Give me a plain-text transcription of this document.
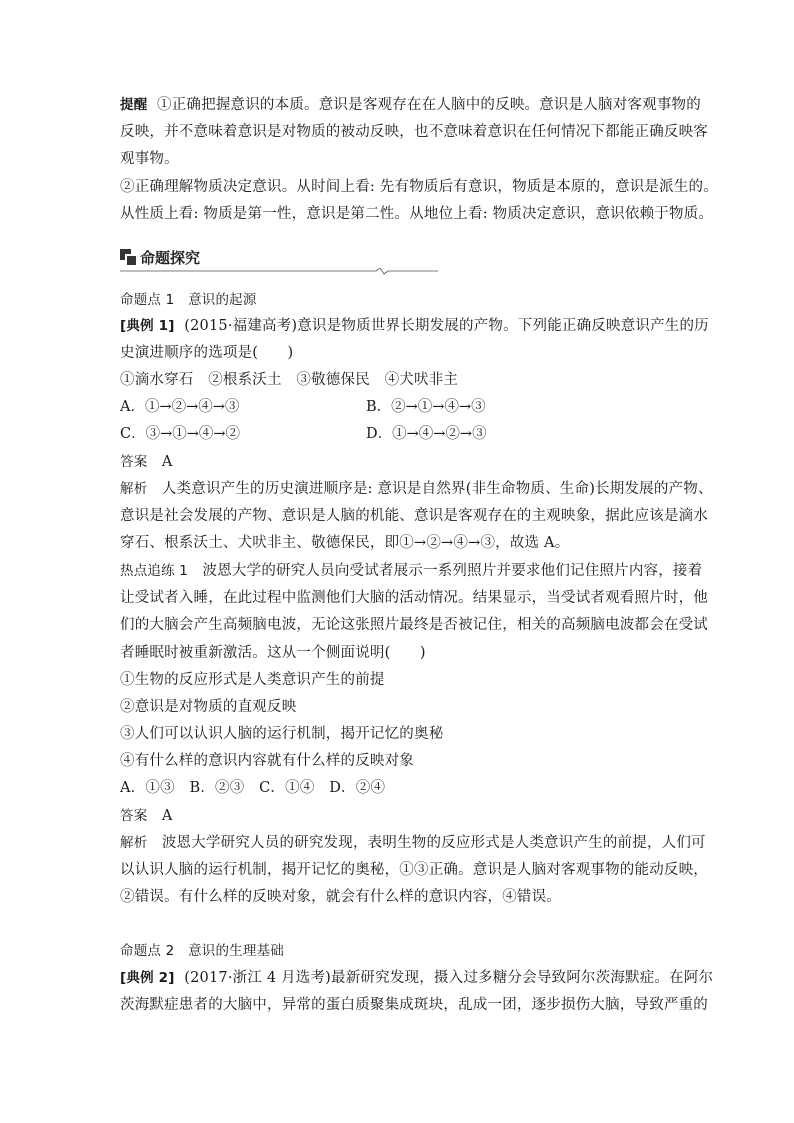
提醒 ①正确把握意识的本质。意识是客观存在在人脑中的反映。意识是人脑对客观事物的
反映，并不意味着意识是对物质的被动反映，也不意味着意识在任何情况下都能正确反映客
观事物。
②正确理解物质决定意识。从时间上看: 先有物质后有意识，物质是本原的，意识是派生的。
从性质上看: 物质是第一性，意识是第二性。从地位上看: 物质决定意识，意识依赖于物质。
命题探究
命题点 1　意识的起源
[典例 1] (2015·福建高考)意识是物质世界长期发展的产物。下列能正确反映意识产生的历
史演进顺序的选项是(　　)
①滴水穿石　②根系沃土　③敬德保民　④犬吠非主
A．①→②→④→③	B．②→①→④→③
C．③→①→④→②	D．①→④→②→③
答案 A
解析 人类意识产生的历史演进顺序是: 意识是自然界(非生命物质、生命)长期发展的产物、
意识是社会发展的产物、意识是人脑的机能、意识是客观存在的主观映象，据此应该是滴水
穿石、根系沃土、犬吠非主、敬德保民，即①→②→④→③，故选 A。
热点追练 1 波恩大学的研究人员向受试者展示一系列照片并要求他们记住照片内容，接着
让受试者入睡，在此过程中监测他们大脑的活动情况。结果显示，当受试者观看照片时，他
们的大脑会产生高频脑电波，无论这张照片最终是否被记住，相关的高频脑电波都会在受试
者睡眠时被重新激活。这从一个侧面说明(　　)
①生物的反应形式是人类意识产生的前提
②意识是对物质的直观反映
③人们可以认识人脑的运行机制，揭开记忆的奥秘
④有什么样的意识内容就有什么样的反映对象
A．①③　B．②③　C．①④　D．②④
答案 A
解析 波恩大学研究人员的研究发现，表明生物的反应形式是人类意识产生的前提，人们可
以认识人脑的运行机制，揭开记忆的奥秘，①③正确。意识是人脑对客观事物的能动反映，
②错误。有什么样的反映对象，就会有什么样的意识内容，④错误。
命题点 2　意识的生理基础
[典例 2] (2017·浙江 4 月选考)最新研究发现，摄入过多糖分会导致阿尔茨海默症。在阿尔
茨海默症患者的大脑中，异常的蛋白质聚集成斑块，乱成一团，逐步损伤大脑，导致严重的
